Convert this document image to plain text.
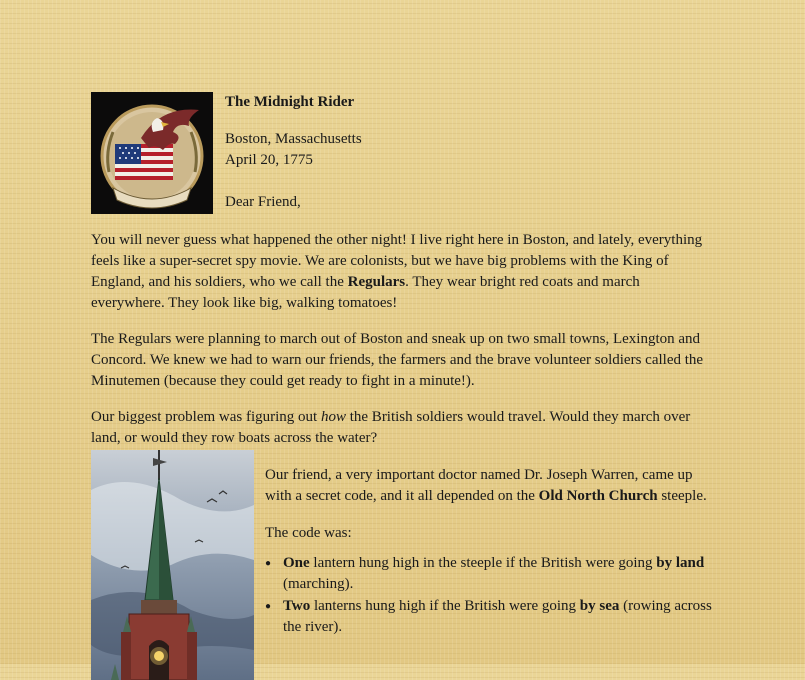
The Midnight Rider

Boston, Massachusetts
April 20, 1775
Dear Friend,

You will never guess what happened the other night! I live right here in Boston, and lately, everything feels like a super-secret spy movie. We are colonists, but we have big problems with the King of England, and his soldiers, who we call the Regulars. They wear bright red coats and march everywhere. They look like big, walking tomatoes!

The Regulars were planning to march out of Boston and sneak up on two small towns, Lexington and Concord. We knew we had to warn our friends, the farmers and the brave volunteer soldiers called the Minutemen (because they could get ready to fight in a minute!).

Our biggest problem was figuring out how the British soldiers would travel. Would they march over land, or would they row boats across the water?

Our friend, a very important doctor named Dr. Joseph Warren, came up with a secret code, and it all depended on the Old North Church steeple.

The code was:

● One lantern hung high in the steeple if the British were going by land (marching).
● Two lanterns hung high if the British were going by sea (rowing across the river).
